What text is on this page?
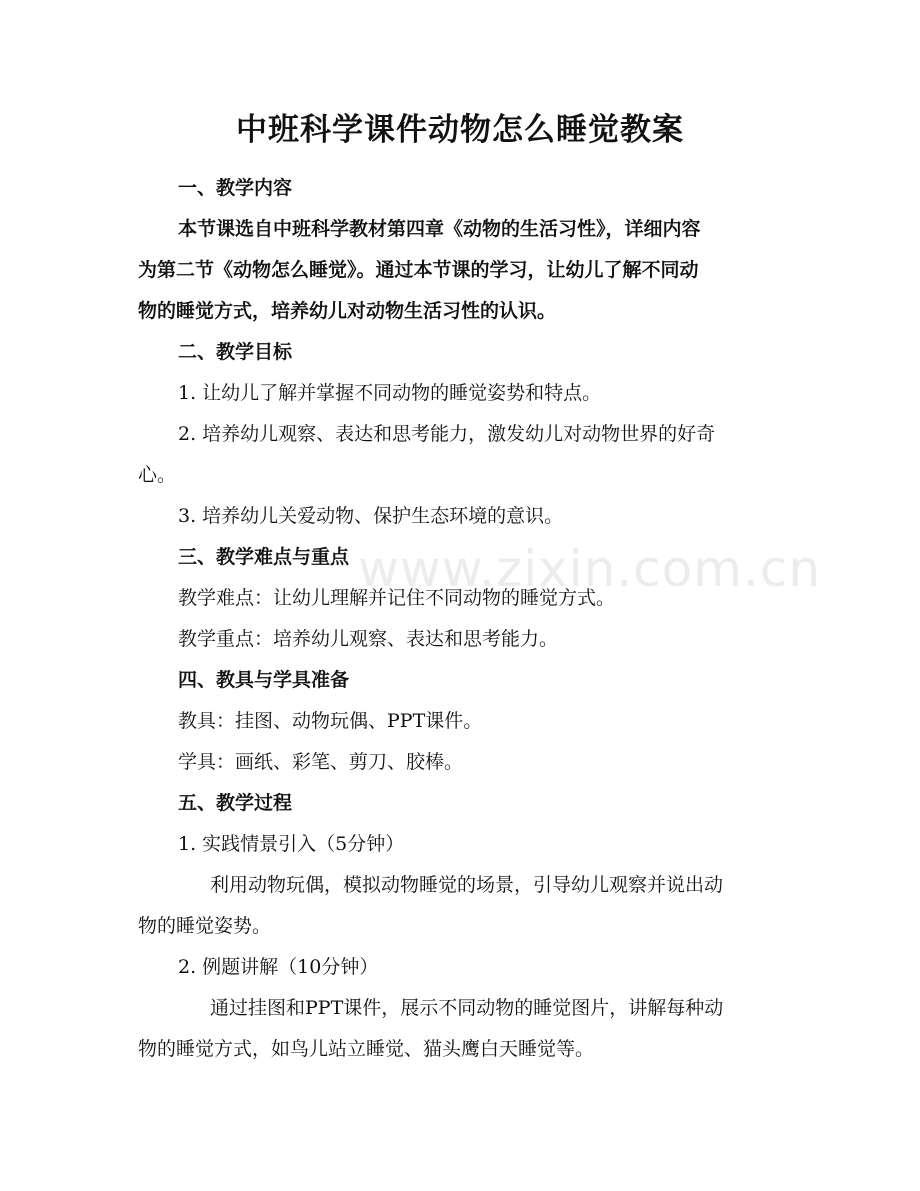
www.zixin.com.cn

中班科学课件动物怎么睡觉教案

一、教学内容

本节课选自中班科学教材第四章《动物的生活习性》，详细内容

为第二节《动物怎么睡觉》。通过本节课的学习，让幼儿了解不同动

物的睡觉方式，培养幼儿对动物生活习性的认识。

二、教学目标

1. 让幼儿了解并掌握不同动物的睡觉姿势和特点。

2. 培养幼儿观察、表达和思考能力，激发幼儿对动物世界的好奇

心。

3. 培养幼儿关爱动物、保护生态环境的意识。

三、教学难点与重点

教学难点：让幼儿理解并记住不同动物的睡觉方式。

教学重点：培养幼儿观察、表达和思考能力。

四、教具与学具准备

教具：挂图、动物玩偶、PPT课件。

学具：画纸、彩笔、剪刀、胶棒。

五、教学过程

1. 实践情景引入（5分钟）

利用动物玩偶，模拟动物睡觉的场景，引导幼儿观察并说出动

物的睡觉姿势。

2. 例题讲解（10分钟）

通过挂图和PPT课件，展示不同动物的睡觉图片，讲解每种动

物的睡觉方式，如鸟儿站立睡觉、猫头鹰白天睡觉等。
